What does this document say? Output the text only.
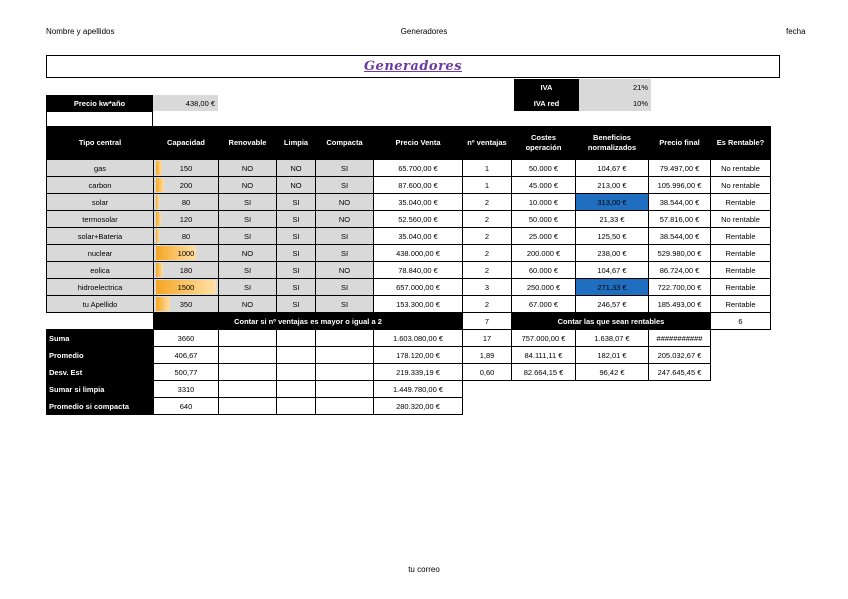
Nombre y apellidos	Generadores	fecha
Generadores
IVA	21%
IVA red	10%
Precio kw*año	438,00 €
Tipo central	Capacidad	Renovable	Limpia	Compacta	Precio Venta	nº ventajas	Costes operación	Beneficios normalizados	Precio final	Es Rentable?
gas	150	NO	NO	SI	65.700,00 €	1	50.000 €	104,67 €	79.497,00 €	No rentable
carbon	200	NO	NO	SI	87.600,00 €	1	45.000 €	213,00 €	105.996,00 €	No rentable
solar	80	SI	SI	NO	35.040,00 €	2	10.000 €	313,00 €	38.544,00 €	Rentable
termosolar	120	SI	SI	NO	52.560,00 €	2	50.000 €	21,33 €	57.816,00 €	No rentable
solar+Bateria	80	SI	SI	SI	35.040,00 €	2	25.000 €	125,50 €	38.544,00 €	Rentable
nuclear	1000	NO	SI	SI	438.000,00 €	2	200.000 €	238,00 €	529.980,00 €	Rentable
eolica	180	SI	SI	NO	78.840,00 €	2	60.000 €	104,67 €	86.724,00 €	Rentable
hidroelectrica	1500	SI	SI	SI	657.000,00 €	3	250.000 €	271,33 €	722.700,00 €	Rentable
tu Apellido	350	NO	SI	SI	153.300,00 €	2	67.000 €	246,57 €	185.493,00 €	Rentable
	Contar si nº ventajas es mayor o igual a 2					7	Contar las que sean rentables			6
Suma	3660				1.603.080,00 €	17	757.000,00 €	1.638,07 €	###########	
Promedio	406,67				178.120,00 €	1,89	84.111,11 €	182,01 €	205.032,67 €	
Desv. Est	500,77				219.339,19 €	0,60	82.664,15 €	96,42 €	247.645,45 €	
Sumar si limpia	3310				1.449.780,00 €					
Promedio si compacta	640				280.320,00 €					
tu correo
